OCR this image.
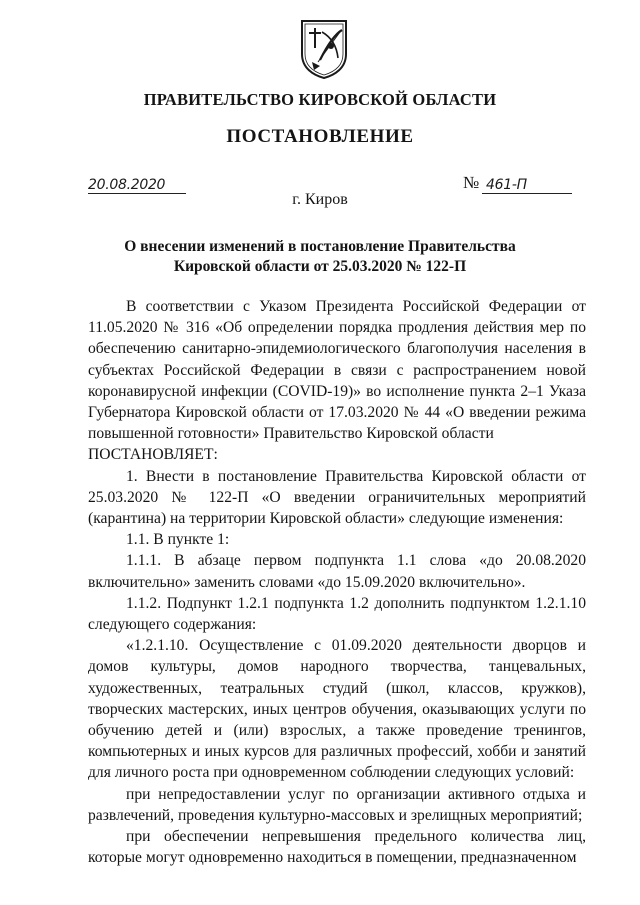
ПРАВИТЕЛЬСТВО КИРОВСКОЙ ОБЛАСТИ
ПОСТАНОВЛЕНИЕ
20.08.2020	№ 461-П
г. Киров
О внесении изменений в постановление Правительства
Кировской области от 25.03.2020 № 122-П

В соответствии с Указом Президента Российской Федерации от 11.05.2020 № 316 «Об определении порядка продления действия мер по обеспечению санитарно-эпидемиологического благополучия населения в субъектах Российской Федерации в связи с распространением новой коронавирусной инфекции (COVID-19)» во исполнение пункта 2–1 Указа Губернатора Кировской области от 17.03.2020 № 44 «О введении режима повышенной готовности» Правительство Кировской области

ПОСТАНОВЛЯЕТ:

1. Внести в постановление Правительства Кировской области от 25.03.2020 № 122-П «О введении ограничительных мероприятий (карантина) на территории Кировской области» следующие изменения:

1.1. В пункте 1:

1.1.1. В абзаце первом подпункта 1.1 слова «до 20.08.2020 включительно» заменить словами «до 15.09.2020 включительно».

1.1.2. Подпункт 1.2.1 подпункта 1.2 дополнить подпунктом 1.2.1.10 следующего содержания:

«1.2.1.10. Осуществление с 01.09.2020 деятельности дворцов и домов культуры, домов народного творчества, танцевальных, художественных, театральных студий (школ, классов, кружков), творческих мастерских, иных центров обучения, оказывающих услуги по обучению детей и (или) взрослых, а также проведение тренингов, компьютерных и иных курсов для различных профессий, хобби и занятий для личного роста при одновременном соблюдении следующих условий:

при непредоставлении услуг по организации активного отдыха и развлечений, проведения культурно-массовых и зрелищных мероприятий;

при обеспечении непревышения предельного количества лиц, которые могут одновременно находиться в помещении, предназначенном
